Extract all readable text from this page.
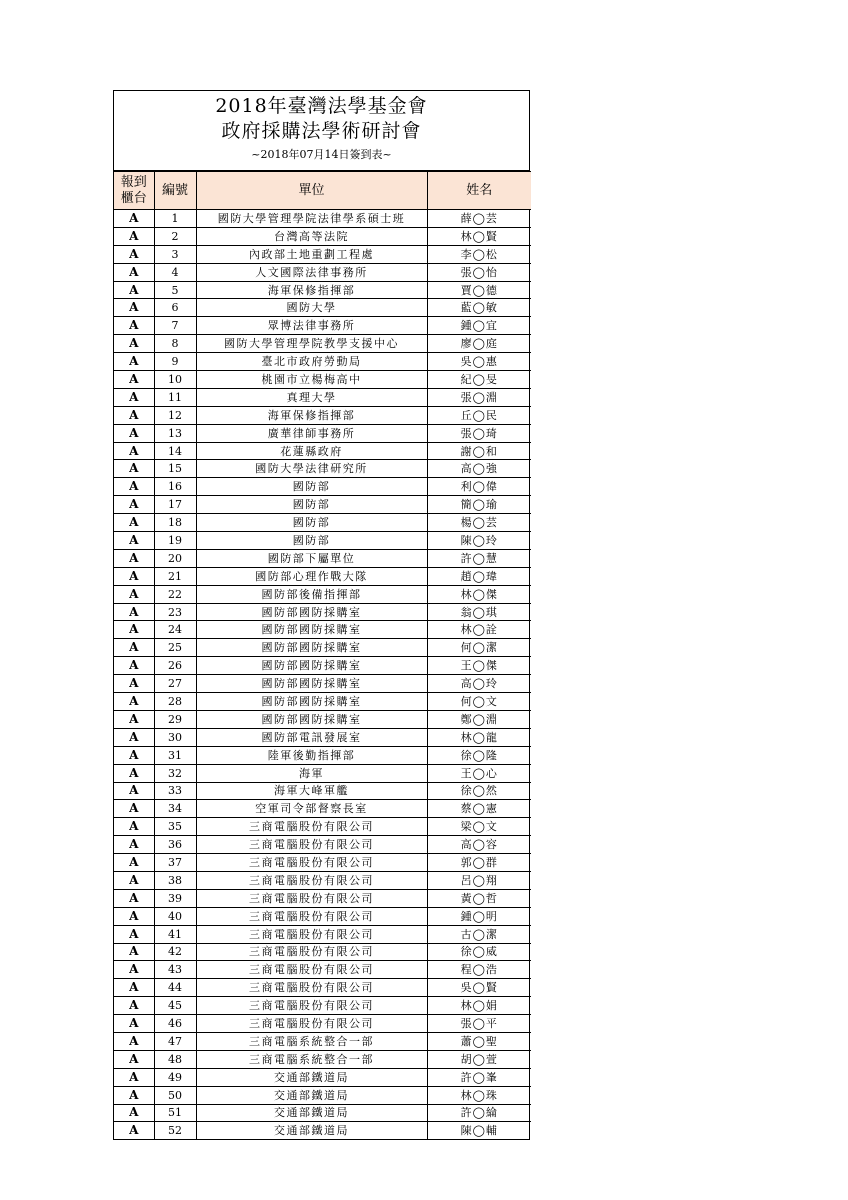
2018年臺灣法學基金會
政府採購法學術研討會
~2018年07月14日簽到表~
報到
櫃台	編號	單位	姓名
A	1	國防大學管理學院法律學系碩士班	薛◯芸
A	2	台灣高等法院	林◯賢
A	3	內政部土地重劃工程處	李◯松
A	4	人文國際法律事務所	張◯怡
A	5	海軍保修指揮部	賈◯德
A	6	國防大學	藍◯敏
A	7	眾博法律事務所	鍾◯宜
A	8	國防大學管理學院教學支援中心	廖◯庭
A	9	臺北市政府勞動局	吳◯惠
A	10	桃園市立楊梅高中	紀◯旻
A	11	真理大學	張◯淵
A	12	海軍保修指揮部	丘◯民
A	13	廣華律師事務所	張◯琦
A	14	花蓮縣政府	謝◯和
A	15	國防大學法律研究所	高◯強
A	16	國防部	利◯偉
A	17	國防部	簡◯瑜
A	18	國防部	楊◯芸
A	19	國防部	陳◯玲
A	20	國防部下屬單位	許◯慧
A	21	國防部心理作戰大隊	趙◯瑋
A	22	國防部後備指揮部	林◯傑
A	23	國防部國防採購室	翁◯琪
A	24	國防部國防採購室	林◯詮
A	25	國防部國防採購室	何◯潔
A	26	國防部國防採購室	王◯傑
A	27	國防部國防採購室	高◯玲
A	28	國防部國防採購室	何◯文
A	29	國防部國防採購室	鄭◯淵
A	30	國防部電訊發展室	林◯龍
A	31	陸軍後勤指揮部	徐◯隆
A	32	海軍	王◯心
A	33	海軍大峰軍艦	徐◯然
A	34	空軍司令部督察長室	蔡◯憲
A	35	三商電腦股份有限公司	梁◯文
A	36	三商電腦股份有限公司	高◯容
A	37	三商電腦股份有限公司	郭◯群
A	38	三商電腦股份有限公司	呂◯翔
A	39	三商電腦股份有限公司	黃◯哲
A	40	三商電腦股份有限公司	鍾◯明
A	41	三商電腦股份有限公司	古◯潔
A	42	三商電腦股份有限公司	徐◯威
A	43	三商電腦股份有限公司	程◯浩
A	44	三商電腦股份有限公司	吳◯賢
A	45	三商電腦股份有限公司	林◯娟
A	46	三商電腦股份有限公司	張◯平
A	47	三商電腦系統整合一部	蕭◯聖
A	48	三商電腦系統整合一部	胡◯萱
A	49	交通部鐵道局	許◯峯
A	50	交通部鐵道局	林◯珠
A	51	交通部鐵道局	許◯綸
A	52	交通部鐵道局	陳◯輔
